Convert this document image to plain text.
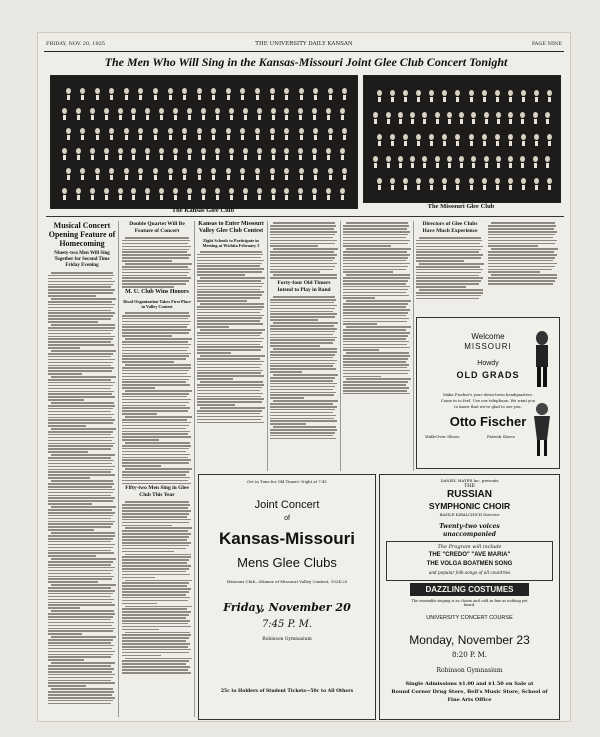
FRIDAY, NOV. 20, 1925	THE UNIVERSITY DAILY KANSAN	PAGE NINE
The Men Who Will Sing in the Kansas-Missouri Joint Glee Club Concert Tonight
The Kansas Glee Club
The Missouri Glee Club
Musical Concert Opening Feature of Homecoming
Ninety-two Men Will Sing Together for Second Time Friday Evening
Double Quartet Will Be Feature of Concert
M. U. Club Wins Honors
Rival Organization Takes First Place in Valley Contest
Fifty-two Men Sing in Glee Club This Year
Kansas to Enter Missouri Valley Glee Club Contest
Eight Schools to Participate in Meeting at Wichita February 5
Forty-four Old Timers Intend to Play in Band
Directors of Glee Clubs Have Much Experience
Welcome
MISSOURI
Howdy
OLD GRADS
Make Fischer's your down-town headquarters.
Come in to feel. Use our telephone. We want you
to know that we're glad to see you.
Otto Fischer
Walk-Over Shoes	Patrick Shoes
Get in Tune for Old Timers' Night at 7:45
Joint Concert
of
Kansas-Missouri
Mens Glee Clubs
Missouri Club—Winner of Missouri Valley Contest, 1924-25
Friday, November 20
7:45 P. M.
Robinson Gymnasium
25c to Holders of Student Tickets—50c to All Others
DANIEL MAYER Inc. presents
THE
RUSSIAN
SYMPHONIC CHOIR
BASILE KIBALCHICH Director
Twenty-two voices
unaccompanied
The Program will include
THE "CREDO" "AVE MARIA"
THE VOLGA BOATMEN SONG
and popular folk-songs of all countries
DAZZLING COSTUMES
The ensemble singing is as chaste and cold as fine as nothing yet heard.
UNIVERSITY CONCERT COURSE
Monday, November 23
8:20 P. M.
Robinson Gymnasium
Single Admissions $1.00 and $1.50 on Sale at
Round Corner Drug Store, Bell's Music Store, School of
Fine Arts Office
